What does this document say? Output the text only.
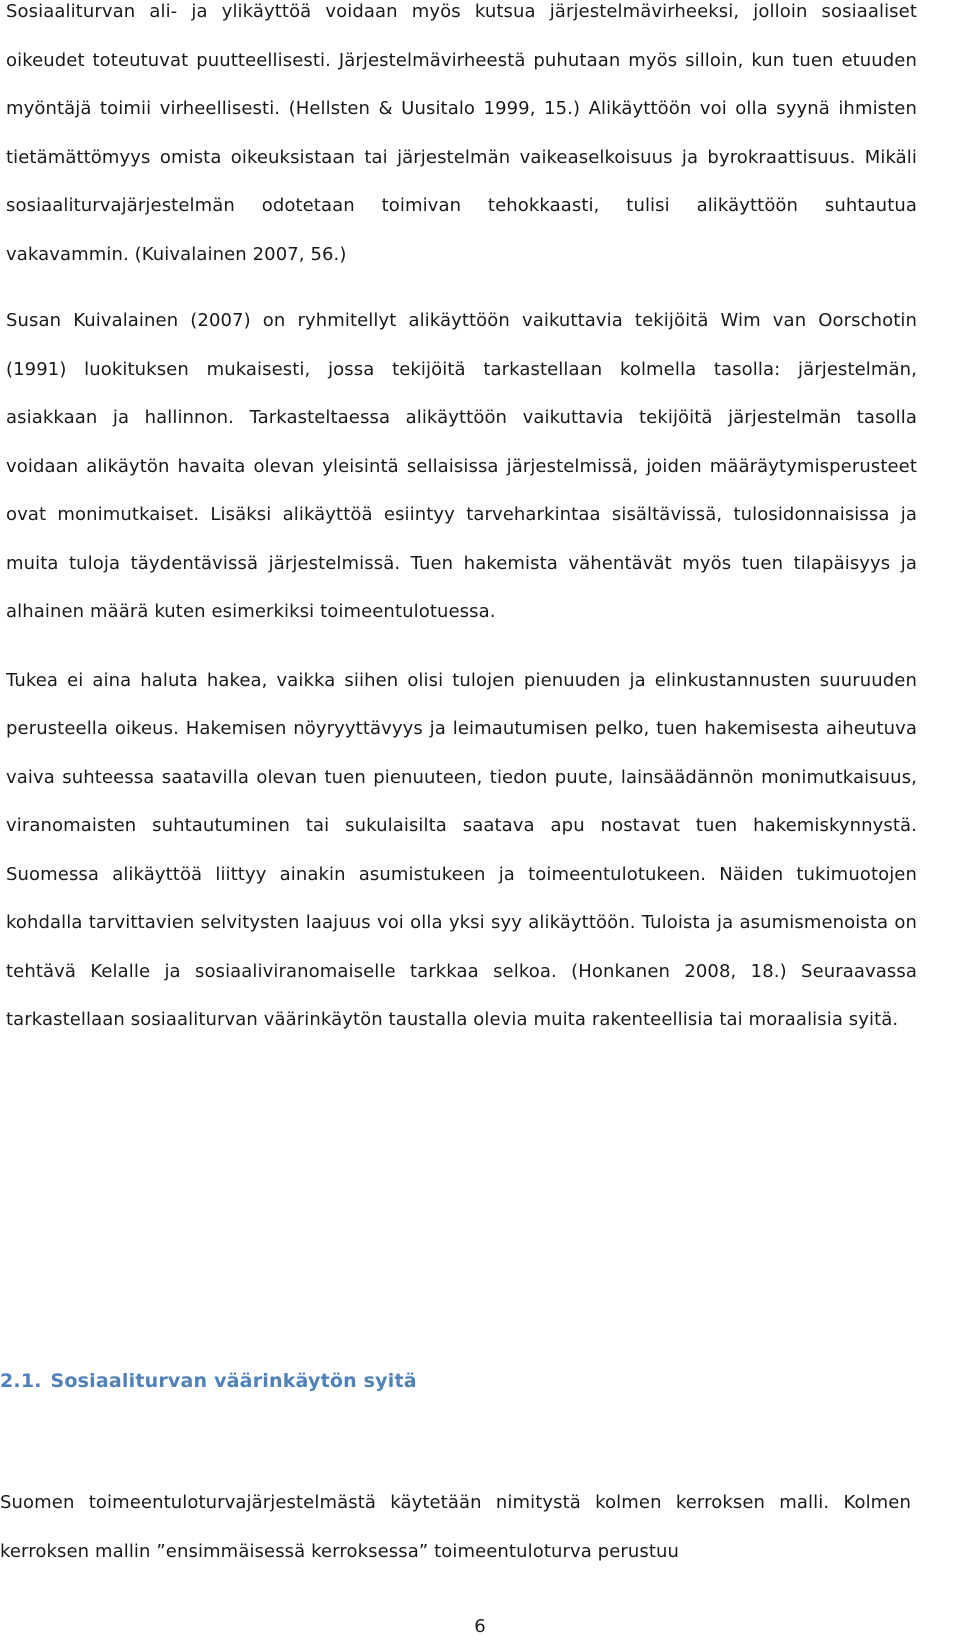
Sosiaaliturvan ali- ja ylikäyttöä voidaan myös kutsua järjestelmävirheeksi, jolloin sosiaaliset oikeudet toteutuvat puutteellisesti. Järjestelmävirheestä puhutaan myös silloin, kun tuen etuuden myöntäjä toimii virheellisesti. (Hellsten & Uusitalo 1999, 15.) Alikäyttöön voi olla syynä ihmisten tietämättömyys omista oikeuksistaan tai järjestelmän vaikeaselkoisuus ja byrokraattisuus. Mikäli sosiaaliturvajärjestelmän odotetaan toimivan tehokkaasti, tulisi alikäyttöön suhtautua vakavammin. (Kuivalainen 2007, 56.)

Susan Kuivalainen (2007) on ryhmitellyt alikäyttöön vaikuttavia tekijöitä Wim van Oorschotin (1991) luokituksen mukaisesti, jossa tekijöitä tarkastellaan kolmella tasolla: järjestelmän, asiakkaan ja hallinnon. Tarkasteltaessa alikäyttöön vaikuttavia tekijöitä järjestelmän tasolla voidaan alikäytön havaita olevan yleisintä sellaisissa järjestelmissä, joiden määräytymisperusteet ovat monimutkaiset. Lisäksi alikäyttöä esiintyy tarveharkintaa sisältävissä, tulosidonnaisissa ja muita tuloja täydentävissä järjestelmissä. Tuen hakemista vähentävät myös tuen tilapäisyys ja alhainen määrä kuten esimerkiksi toimeentulotuessa.

Tukea ei aina haluta hakea, vaikka siihen olisi tulojen pienuuden ja elinkustannusten suuruuden perusteella oikeus. Hakemisen nöyryyttävyys ja leimautumisen pelko, tuen hakemisesta aiheutuva vaiva suhteessa saatavilla olevan tuen pienuuteen, tiedon puute, lainsäädännön monimutkaisuus, viranomaisten suhtautuminen tai sukulaisilta saatava apu nostavat tuen hakemiskynnystä. Suomessa alikäyttöä liittyy ainakin asumistukeen ja toimeentulotukeen. Näiden tukimuotojen kohdalla tarvittavien selvitysten laajuus voi olla yksi syy alikäyttöön. Tuloista ja asumismenoista on tehtävä Kelalle ja sosiaaliviranomaiselle tarkkaa selkoa. (Honkanen 2008, 18.) Seuraavassa tarkastellaan sosiaaliturvan väärinkäytön taustalla olevia muita rakenteellisia tai moraalisia syitä.

2.1. Sosiaaliturvan väärinkäytön syitä

Suomen toimeentuloturvajärjestelmästä käytetään nimitystä kolmen kerroksen malli. Kolmen kerroksen mallin ”ensimmäisessä kerroksessa” toimeentuloturva perustuu

6
